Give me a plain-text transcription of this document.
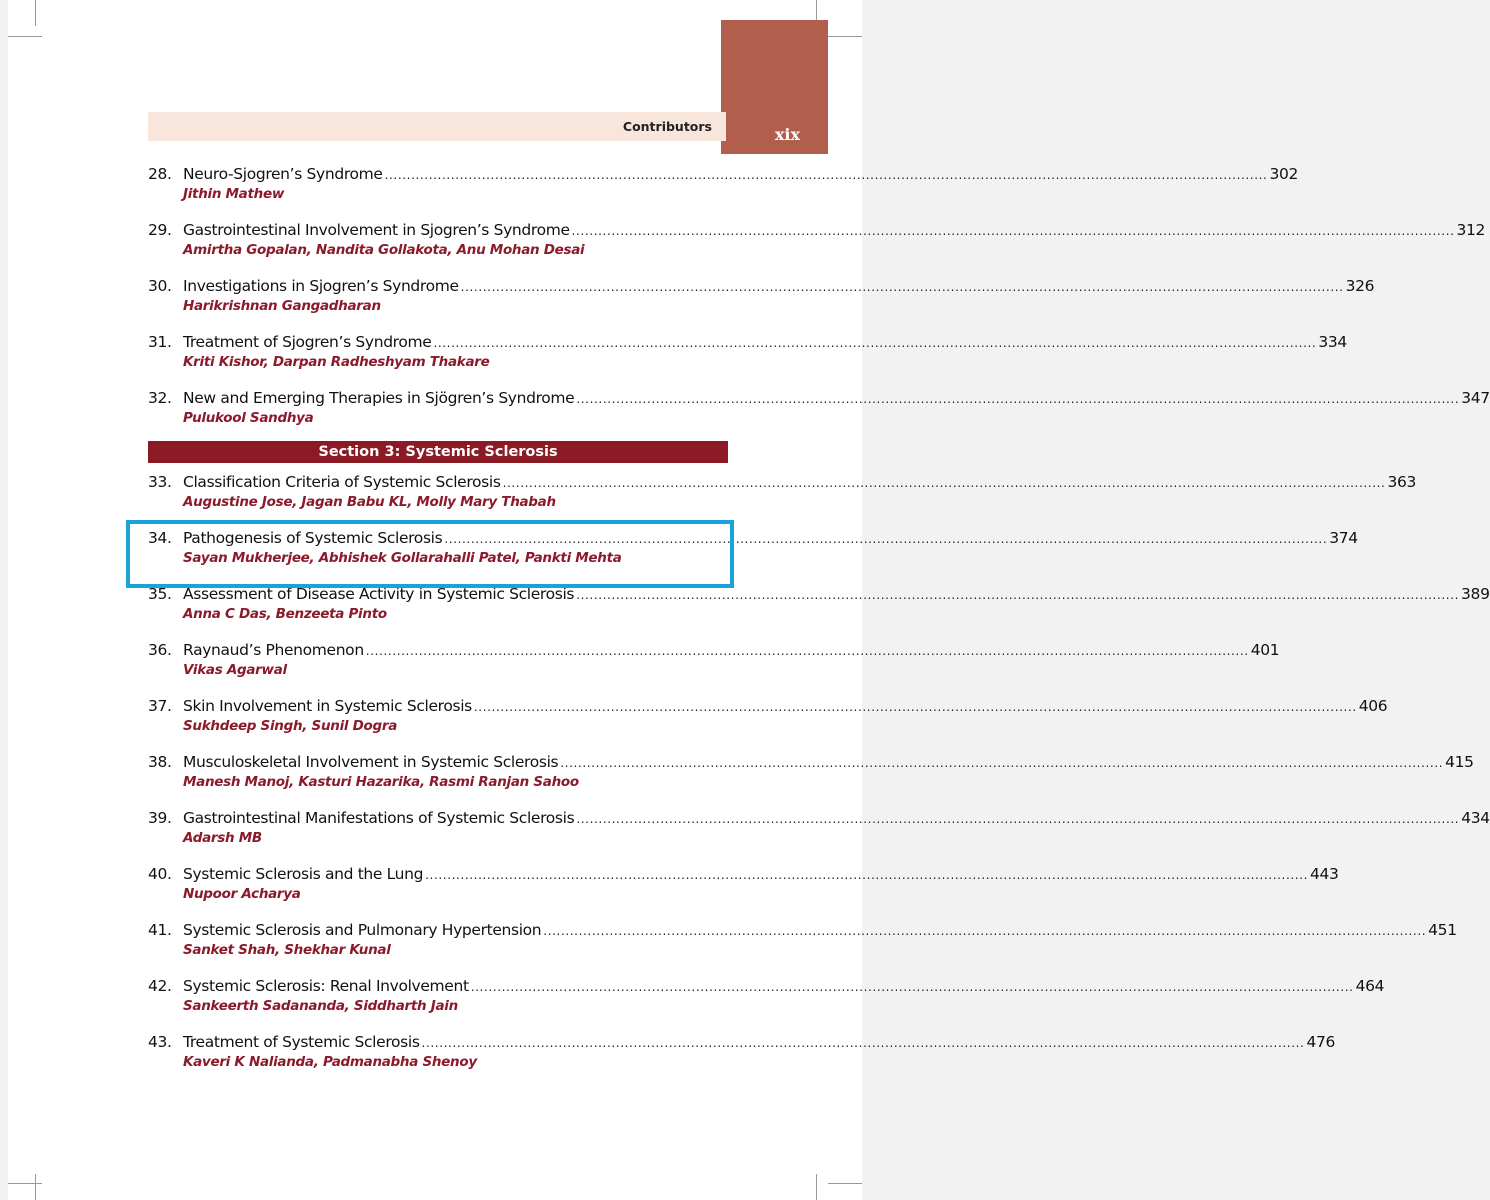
xix
Contributors
28. Neuro-Sjogren’s Syndrome ........................................................................................................................................................................................................ 302
Jithin Mathew
29. Gastrointestinal Involvement in Sjogren’s Syndrome ........................................................................................................................................................................................................ 312
Amirtha Gopalan, Nandita Gollakota, Anu Mohan Desai
30. Investigations in Sjogren’s Syndrome ........................................................................................................................................................................................................ 326
Harikrishnan Gangadharan
31. Treatment of Sjogren’s Syndrome ........................................................................................................................................................................................................ 334
Kriti Kishor, Darpan Radheshyam Thakare
32. New and Emerging Therapies in Sjögren’s Syndrome ........................................................................................................................................................................................................ 347
Pulukool Sandhya
Section 3: Systemic Sclerosis
33. Classification Criteria of Systemic Sclerosis ........................................................................................................................................................................................................ 363
Augustine Jose, Jagan Babu KL, Molly Mary Thabah
34. Pathogenesis of Systemic Sclerosis ........................................................................................................................................................................................................ 374
Sayan Mukherjee, Abhishek Gollarahalli Patel, Pankti Mehta
35. Assessment of Disease Activity in Systemic Sclerosis ........................................................................................................................................................................................................ 389
Anna C Das, Benzeeta Pinto
36. Raynaud’s Phenomenon ........................................................................................................................................................................................................ 401
Vikas Agarwal
37. Skin Involvement in Systemic Sclerosis ........................................................................................................................................................................................................ 406
Sukhdeep Singh, Sunil Dogra
38. Musculoskeletal Involvement in Systemic Sclerosis ........................................................................................................................................................................................................ 415
Manesh Manoj, Kasturi Hazarika, Rasmi Ranjan Sahoo
39. Gastrointestinal Manifestations of Systemic Sclerosis ........................................................................................................................................................................................................ 434
Adarsh MB
40. Systemic Sclerosis and the Lung ........................................................................................................................................................................................................ 443
Nupoor Acharya
41. Systemic Sclerosis and Pulmonary Hypertension ........................................................................................................................................................................................................ 451
Sanket Shah, Shekhar Kunal
42. Systemic Sclerosis: Renal Involvement ........................................................................................................................................................................................................ 464
Sankeerth Sadananda, Siddharth Jain
43. Treatment of Systemic Sclerosis ........................................................................................................................................................................................................ 476
Kaveri K Nalianda, Padmanabha Shenoy
